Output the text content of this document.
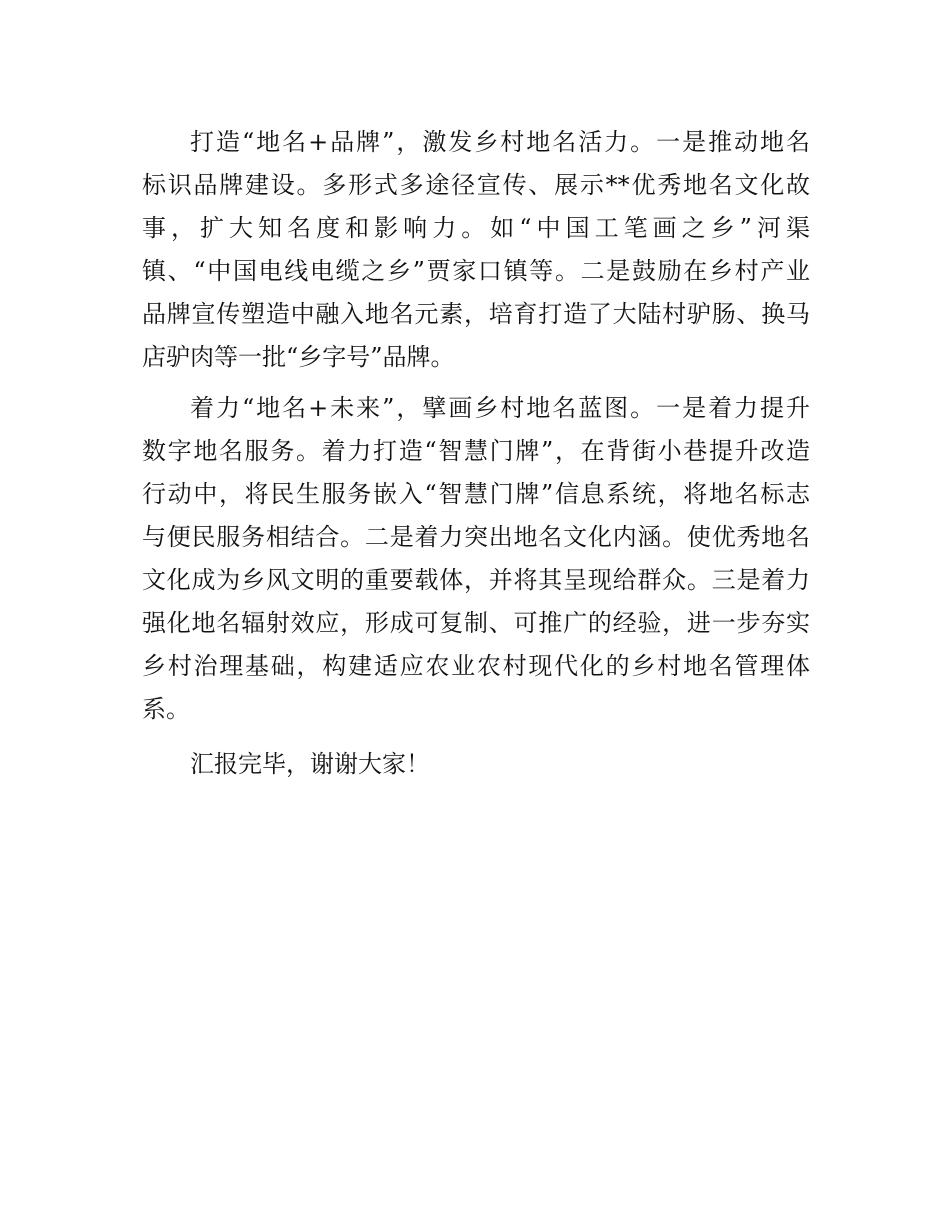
打造“地名+品牌”，激发乡村地名活力。一是推动地名

标识品牌建设。多形式多途径宣传、展示**优秀地名文化故

事，扩大知名度和影响力。如“中国工笔画之乡”河渠

镇、“中国电线电缆之乡”贾家口镇等。二是鼓励在乡村产业

品牌宣传塑造中融入地名元素，培育打造了大陆村驴肠、换马

店驴肉等一批“乡字号”品牌。

着力“地名+未来”，擘画乡村地名蓝图。一是着力提升

数字地名服务。着力打造“智慧门牌”，在背街小巷提升改造

行动中，将民生服务嵌入“智慧门牌”信息系统，将地名标志

与便民服务相结合。二是着力突出地名文化内涵。使优秀地名

文化成为乡风文明的重要载体，并将其呈现给群众。三是着力

强化地名辐射效应，形成可复制、可推广的经验，进一步夯实

乡村治理基础，构建适应农业农村现代化的乡村地名管理体

系。

汇报完毕，谢谢大家！
